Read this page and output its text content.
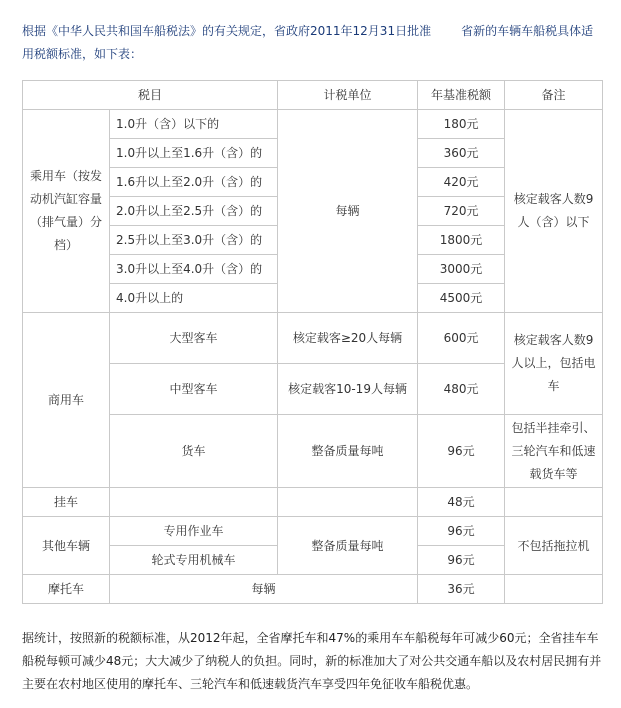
根据《中华人民共和国车船税法》的有关规定，省政府2011年12月31日批准	省新的车辆车船税具体适用税额标准，如下表：
税目		计税单位	年基准税额	备注
乘用车（按发动机汽缸容量（排气量）分档）	1.0升（含）以下的	每辆	180元	核定载客人数9人（含）以下
	1.0升以上至1.6升（含）的		360元	
	1.6升以上至2.0升（含）的		420元	
	2.0升以上至2.5升（含）的		720元	
	2.5升以上至3.0升（含）的		1800元	
	3.0升以上至4.0升（含）的		3000元	
	4.0升以上的		4500元	
商用车	大型客车	核定载客≥20人每辆	600元	核定载客人数9人以上，包括电车
	中型客车	核定载客10-19人每辆	480元	
	货车	整备质量每吨	96元	包括半挂牵引、三轮汽车和低速载货车等
挂车			48元	
其他车辆	专用作业车	整备质量每吨	96元	不包括拖拉机
	轮式专用机械车		96元	
摩托车	每辆		36元	
据统计，按照新的税额标准，从2012年起，全省摩托车和47%的乘用车车船税每年可减少60元；全省挂车车船税每顿可减少48元；大大减少了纳税人的负担。同时，新的标准加大了对公共交通车船以及农村居民拥有并主要在农村地区使用的摩托车、三轮汽车和低速载货汽车享受四年免征收车船税优惠。
